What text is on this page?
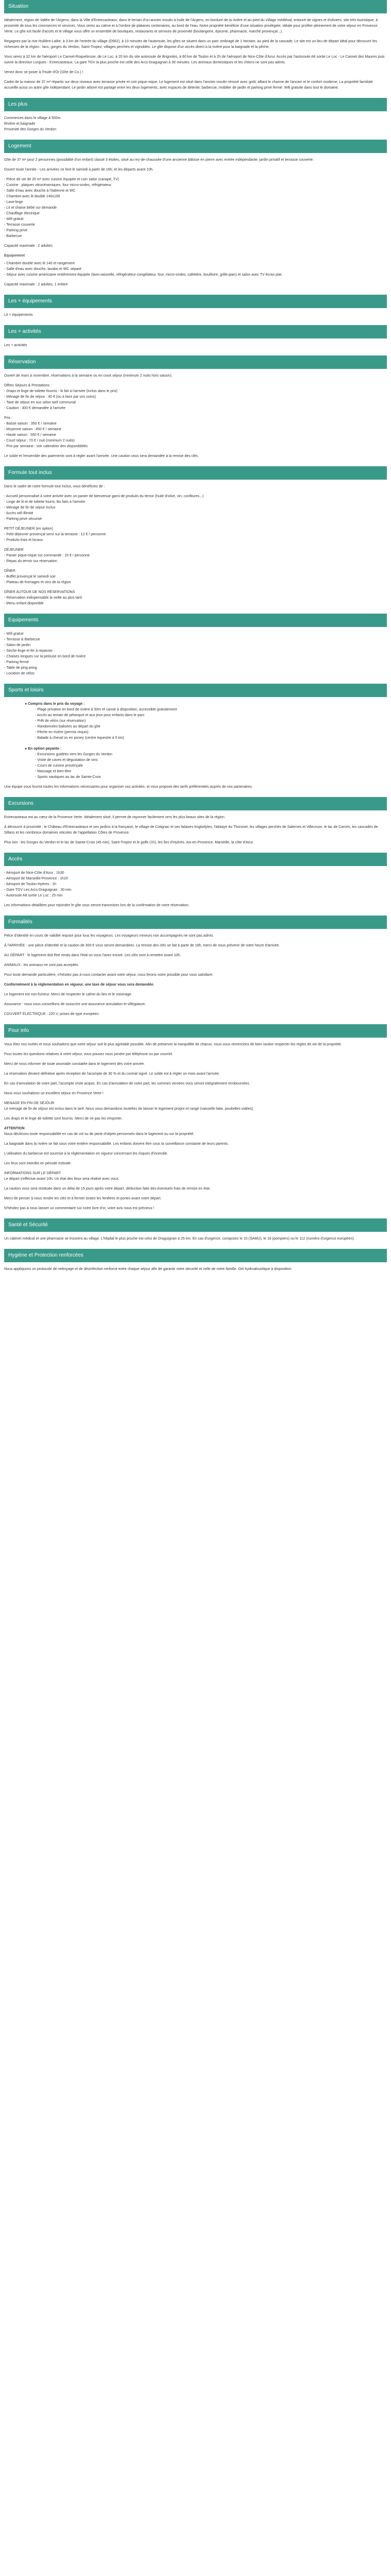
Situation

Idéalement, région de Vallée de l'Argens, dans la Ville d'Entrecasteaux, dans le terrain d'un ancien moulin à huile de l'Argens, en bordure de la rivière et au pied du Village médiéval, entouré de vignes et d'oliviers, site très touristique, à proximité de tous les commerces et services. Vous serez au calme et à l'ombre de platanes centenaires, au bord de l'eau. Notre propriété bénéficie d'une situation privilégiée, idéale pour profiter pleinement de votre séjour en Provence Verte. Le gîte est facile d'accès et le village vous offre un ensemble de boutiques, restaurants et services de proximité (boulangerie, épicerie, pharmacie, marché provençal...).

Regagnez par la rive Huilière-Lalée, à 3 km de l'entrée du village (D562), à 10 minutes de l'autoroute, les gîtes se situent dans un parc ombragé de 1 hectare, au pied de la cascade. Le site est un lieu de départ idéal pour découvrir les richesses de la région : lacs, gorges du Verdon, Saint-Tropez, villages perchés et vignobles. Le gîte dispose d'un accès direct à la rivière pour la baignade et la pêche.

Vous serez à 32 km de l'aéroport Le Cannet-Roquebrune, de Le Luc, à 20 km du site autoroute de Brignoles, à 60 km de Toulon et à 2h de l'aéroport de Nice-Côte d'Azur. Accès par l'autoroute A8 sortie Le Luc - Le Cannet des Maures puis suivre la direction Lorgues - Entrecasteaux. La gare TGV la plus proche est celle des Arcs-Draguignan à 30 minutes. Les animaux domestiques et les chiens ne sont pas admis.

Venez donc se poser à l'Huile d'Or (Gîte de Co.) !

Cadre de la maison de 37 m² répartis sur deux niveaux avec terrasse privée et coin pique-nique. Le logement est situé dans l'ancien moulin rénové avec goût, alliant le charme de l'ancien et le confort moderne. La propriété familiale accueille aussi un autre gîte indépendant. Le jardin arboré est partagé entre les deux logements, avec espaces de détente, barbecue, mobilier de jardin et parking privé fermé. Wifi gratuite dans tout le domaine.

Les plus
Commerces dans le village à 500m
Rivière et baignade
Proximité des Gorges du Verdon
Logement

Gîte de 37 m² pour 2 personnes (possibilité d'un enfant) classé 3 étoiles, situé au rez-de-chaussée d'une ancienne bâtisse en pierre avec entrée indépendante, jardin privatif et terrasse couverte.

Ouvert toute l'année - Les arrivées se font le samedi à partir de 16h, et les départs avant 10h.

- Pièce de vie de 20 m² avec cuisine équipée et coin salon (canapé, TV)
- Cuisine : plaques vitrocéramiques, four micro-ondes, réfrigérateur
- Salle d'eau avec douche à l'italienne et WC
- Chambre avec lit double 140x190
- Lave-linge
- Lit et chaise bébé sur demande
- Chauffage électrique
- Wifi gratuit
- Terrasse couverte
- Parking privé
- Barbecue

Capacité maximale : 2 adultes

Equipement
- Chambre double avec lit 140 et rangement
- Salle d'eau avec douche, lavabo et WC séparé
- Séjour avec cuisine américaine entièrement équipée (lave-vaisselle, réfrigérateur-congélateur, four, micro-ondes, cafetière, bouilloire, grille-pain) et salon avec TV écran plat.

Capacité maximale : 2 adultes, 1 enfant

Les + équipements

Lit + équipements

Les + activités

Les + activités

Réservation

Ouvert de mars à novembre, réservations à la semaine ou en court séjour (minimum 2 nuits hors saison).

Offres Séjours & Prestations :
- Draps et linge de toilette fournis - lit fait à l'arrivée (inclus dans le prix)
- Ménage de fin de séjour : 40 € (ou à faire par vos soins)
- Taxe de séjour en sus selon tarif communal
- Caution : 300 € demandée à l'arrivée
Prix :
- Basse saison : 350 € / semaine
- Moyenne saison : 450 € / semaine
- Haute saison : 550 € / semaine
- Court séjour : 70 € / nuit (minimum 2 nuits)
- Prix par semaine : voir calendrier des disponibilités

Le solde et l'ensemble des paiements sont à régler avant l'arrivée. Une caution vous sera demandée à la remise des clés.

Formule tout inclus

Dans le cadre de notre formule tout inclus, vous bénéficiez de :

- Accueil personnalisé à votre arrivée avec un panier de bienvenue garni de produits du terroir (huile d'olive, vin, confitures...)
- Linge de lit et de toilette fourni, lits faits à l'arrivée
- Ménage de fin de séjour inclus
- Accès wifi illimité
- Parking privé sécurisé
PETIT DÉJEUNER (en option)
- Petit déjeuner provençal servi sur la terrasse : 12 € / personne
- Produits frais et locaux
DÉJEUNER
- Panier pique-nique sur commande : 15 € / personne
- Repas du terroir sur réservation
DÎNER
- Buffet provençal le samedi soir
- Plateau de fromages et vins de la région
DÎNER AUTOUR DE NOS RÉSERVATIONS
- Réservation indispensable la veille au plus tard
- Menu enfant disponible
Equipements
- Wifi gratuit
- Terrasse & Barbecue
- Salon de jardin
- Sèche-linge et fer à repasser
- Chaises longues sur la pelouse en bord de rivière
- Parking fermé
- Table de ping-pong
- Location de vélos
Sports et loisirs
● Compris dans le prix du voyage :
- Plage privative en bord de rivière à 50m et canoë à disposition, accessible gratuitement
- Accès au terrain de pétanque et aux jeux pour enfants dans le parc
- Prêt de vélos (sur réservation)
- Randonnées balisées au départ du gîte
- Pêche en rivière (permis requis)
- Balade à cheval ou en poney (centre équestre à 5 km)
● En option payante :
- Excursions guidées vers les Gorges du Verdon
- Visite de caves et dégustation de vins
- Cours de cuisine provençale
- Massage et bien-être
- Sports nautiques au lac de Sainte-Croix

Une équipe vous fournit toutes les informations nécessaires pour organiser vos activités, et vous propose des tarifs préférentiels auprès de nos partenaires.

Excursions

Entrecasteaux est au cœur de la Provence Verte. Idéalement situé, il permet de rayonner facilement vers les plus beaux sites de la région.

À découvrir à proximité : le Château d'Entrecasteaux et ses jardins à la française, le village de Cotignac et ses falaises troglodytes, l'abbaye du Thoronet, les villages perchés de Salernes et Villecroze, le lac de Carcès, les cascades de Sillans et les nombreux domaines viticoles de l'appellation Côtes de Provence.

Plus loin : les Gorges du Verdon et le lac de Sainte-Croix (45 min), Saint-Tropez et le golfe (1h), les îles d'Hyères, Aix-en-Provence, Marseille, la côte d'Azur.

Accès
- Aéroport de Nice-Côte d'Azur : 1h30
- Aéroport de Marseille-Provence : 1h20
- Aéroport de Toulon-Hyères : 1h
- Gare TGV Les Arcs-Draguignan : 30 min
- Autoroute A8 sortie Le Luc : 25 min

Les informations détaillées pour rejoindre le gîte vous seront transmises lors de la confirmation de votre réservation.

Formalités

Pièce d'identité en cours de validité requise pour tous les voyageurs. Les voyageurs mineurs non accompagnés ne sont pas admis.

À l'ARRIVÉE : une pièce d'identité et la caution de 300 € vous seront demandées. La remise des clés se fait à partir de 16h, merci de nous prévenir de votre heure d'arrivée.

AU DÉPART : le logement doit être rendu dans l'état où vous l'avez trouvé. Les clés sont à remettre avant 10h.

ANIMAUX : les animaux ne sont pas acceptés.

Pour toute demande particulière, n'hésitez pas à nous contacter avant votre séjour, nous ferons notre possible pour vous satisfaire.

Conformément à la réglementation en vigueur, une taxe de séjour vous sera demandée.

Le logement est non-fumeur. Merci de respecter le calme du lieu et le voisinage.

Assurance : nous vous conseillons de souscrire une assurance annulation et villégiature.

COUVERT ÉLECTRIQUE : 220 V, prises de type européen.

Pour info

Vous êtes nos invités et nous souhaitons que votre séjour soit le plus agréable possible. Afin de préserver la tranquillité de chacun, nous vous remercions de bien vouloir respecter les règles de vie de la propriété.

Pour toutes les questions relatives à votre séjour, vous pouvez nous joindre par téléphone ou par courriel.

Merci de nous informer de toute anomalie constatée dans le logement dès votre arrivée.

La réservation devient définitive après réception de l'acompte de 30 % et du contrat signé. Le solde est à régler un mois avant l'arrivée.

En cas d'annulation de votre part, l'acompte reste acquis. En cas d'annulation de notre part, les sommes versées vous seront intégralement remboursées.

Nous vous souhaitons un excellent séjour en Provence Verte !

MENAGE EN FIN DE SÉJOUR

Le ménage de fin de séjour est inclus dans le tarif. Nous vous demandons toutefois de laisser le logement propre et rangé (vaisselle faite, poubelles vidées).

Les draps et le linge de toilette sont fournis. Merci de ne pas les emporter.

ATTENTION

Nous déclinons toute responsabilité en cas de vol ou de perte d'objets personnels dans le logement ou sur la propriété.

La baignade dans la rivière se fait sous votre entière responsabilité. Les enfants doivent être sous la surveillance constante de leurs parents.

L'utilisation du barbecue est soumise à la réglementation en vigueur concernant les risques d'incendie.

Les feux sont interdits en période estivale.

INFORMATIONS SUR LE DÉPART

Le départ s'effectue avant 10h. Un état des lieux sera réalisé avec vous.

La caution vous sera restituée dans un délai de 15 jours après votre départ, déduction faite des éventuels frais de remise en état.

Merci de penser à nous rendre les clés et à fermer toutes les fenêtres et portes avant votre départ.

N'hésitez pas à nous laisser un commentaire sur notre livre d'or, votre avis nous est précieux !

Santé et Sécurité

Un cabinet médical et une pharmacie se trouvent au village. L'hôpital le plus proche est celui de Draguignan à 25 km. En cas d'urgence, composez le 15 (SAMU), le 18 (pompiers) ou le 112 (numéro d'urgence européen).

Hygiène et Protection renforcées

Nous appliquons un protocole de nettoyage et de désinfection renforcé entre chaque séjour afin de garantir votre sécurité et celle de notre famille. Gel hydroalcoolique à disposition.
